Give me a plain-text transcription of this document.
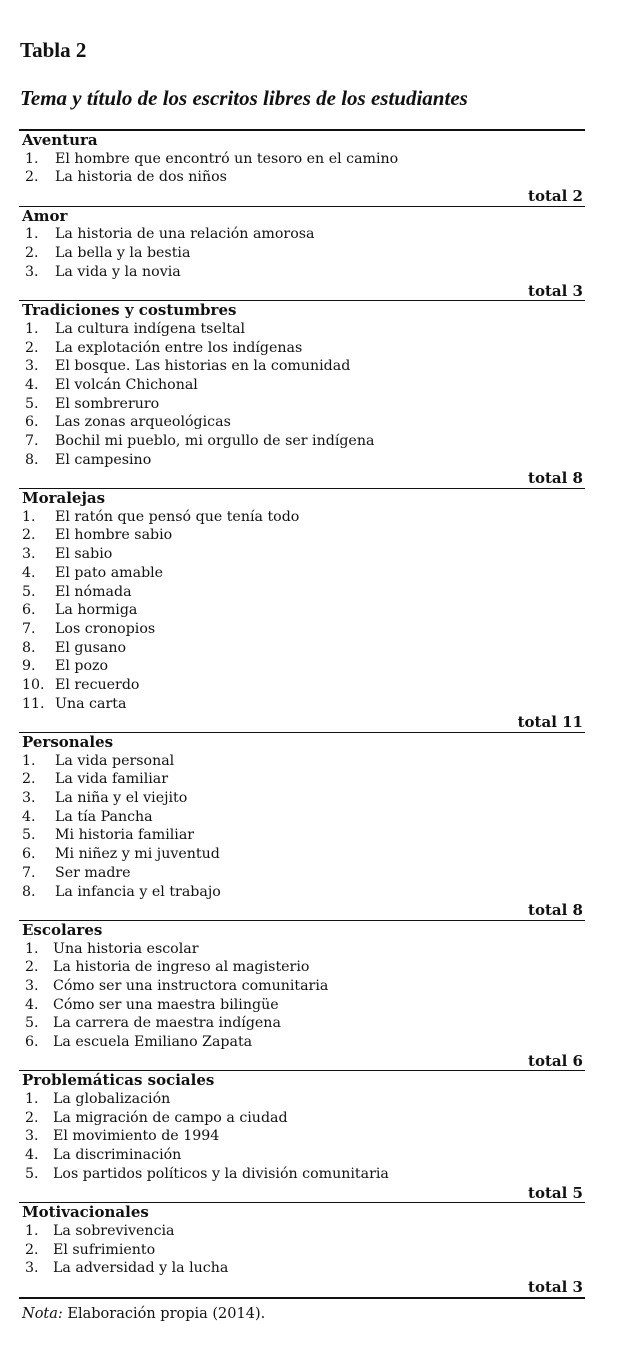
Tabla 2
Tema y título de los escritos libres de los estudiantes
Aventura
1. El hombre que encontró un tesoro en el camino
2. La historia de dos niños
total 2
Amor
1. La historia de una relación amorosa
2. La bella y la bestia
3. La vida y la novia
total 3
Tradiciones y costumbres
1. La cultura indígena tseltal
2. La explotación entre los indígenas
3. El bosque. Las historias en la comunidad
4. El volcán Chichonal
5. El sombreruro
6. Las zonas arqueológicas
7. Bochil mi pueblo, mi orgullo de ser indígena
8. El campesino
total 8
Moralejas
1. El ratón que pensó que tenía todo
2. El hombre sabio
3. El sabio
4. El pato amable
5. El nómada
6. La hormiga
7. Los cronopios
8. El gusano
9. El pozo
10. El recuerdo
11. Una carta
total 11
Personales
1. La vida personal
2. La vida familiar
3. La niña y el viejito
4. La tía Pancha
5. Mi historia familiar
6. Mi niñez y mi juventud
7. Ser madre
8. La infancia y el trabajo
total 8
Escolares
1. Una historia escolar
2. La historia de ingreso al magisterio
3. Cómo ser una instructora comunitaria
4. Cómo ser una maestra bilingüe
5. La carrera de maestra indígena
6. La escuela Emiliano Zapata
total 6
Problemáticas sociales
1. La globalización
2. La migración de campo a ciudad
3. El movimiento de 1994
4. La discriminación
5. Los partidos políticos y la división comunitaria
total 5
Motivacionales
1. La sobrevivencia
2. El sufrimiento
3. La adversidad y la lucha
total 3
Nota: Elaboración propia (2014).
